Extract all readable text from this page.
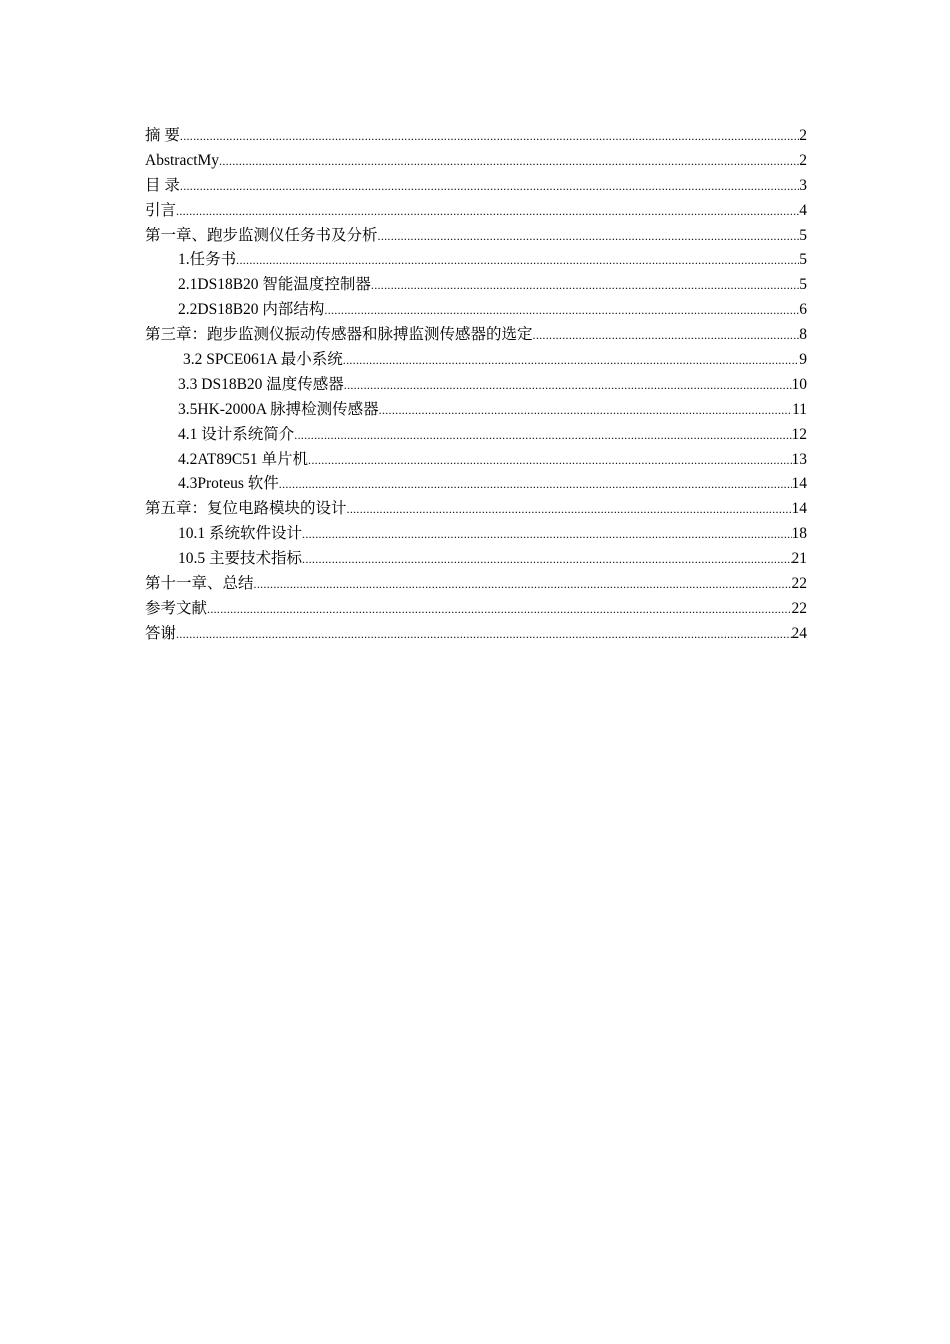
摘 要 .....	2
AbstractMy .....	2
目 录 .....	3
引言 .....	4
第一章、跑步监测仪任务书及分析 .....	5
1.任务书 .....	5
2.1DS18B20 智能温度控制器 .....	5
2.2DS18B20 内部结构 .....	6
第三章：跑步监测仪振动传感器和脉搏监测传感器的选定 .....	8
3.2 SPCE061A 最小系统 .....	9
3.3 DS18B20 温度传感器 .....	10
3.5HK-2000A 脉搏检测传感器 .....	11
4.1 设计系统简介 .....	12
4.2AT89C51 单片机 .....	13
4.3Proteus 软件 .....	14
第五章：复位电路模块的设计 .....	14
10.1 系统软件设计 .....	18
10.5 主要技术指标 .....	21
第十一章、总结 .....	22
参考文献 .....	22
答谢 .....	24
